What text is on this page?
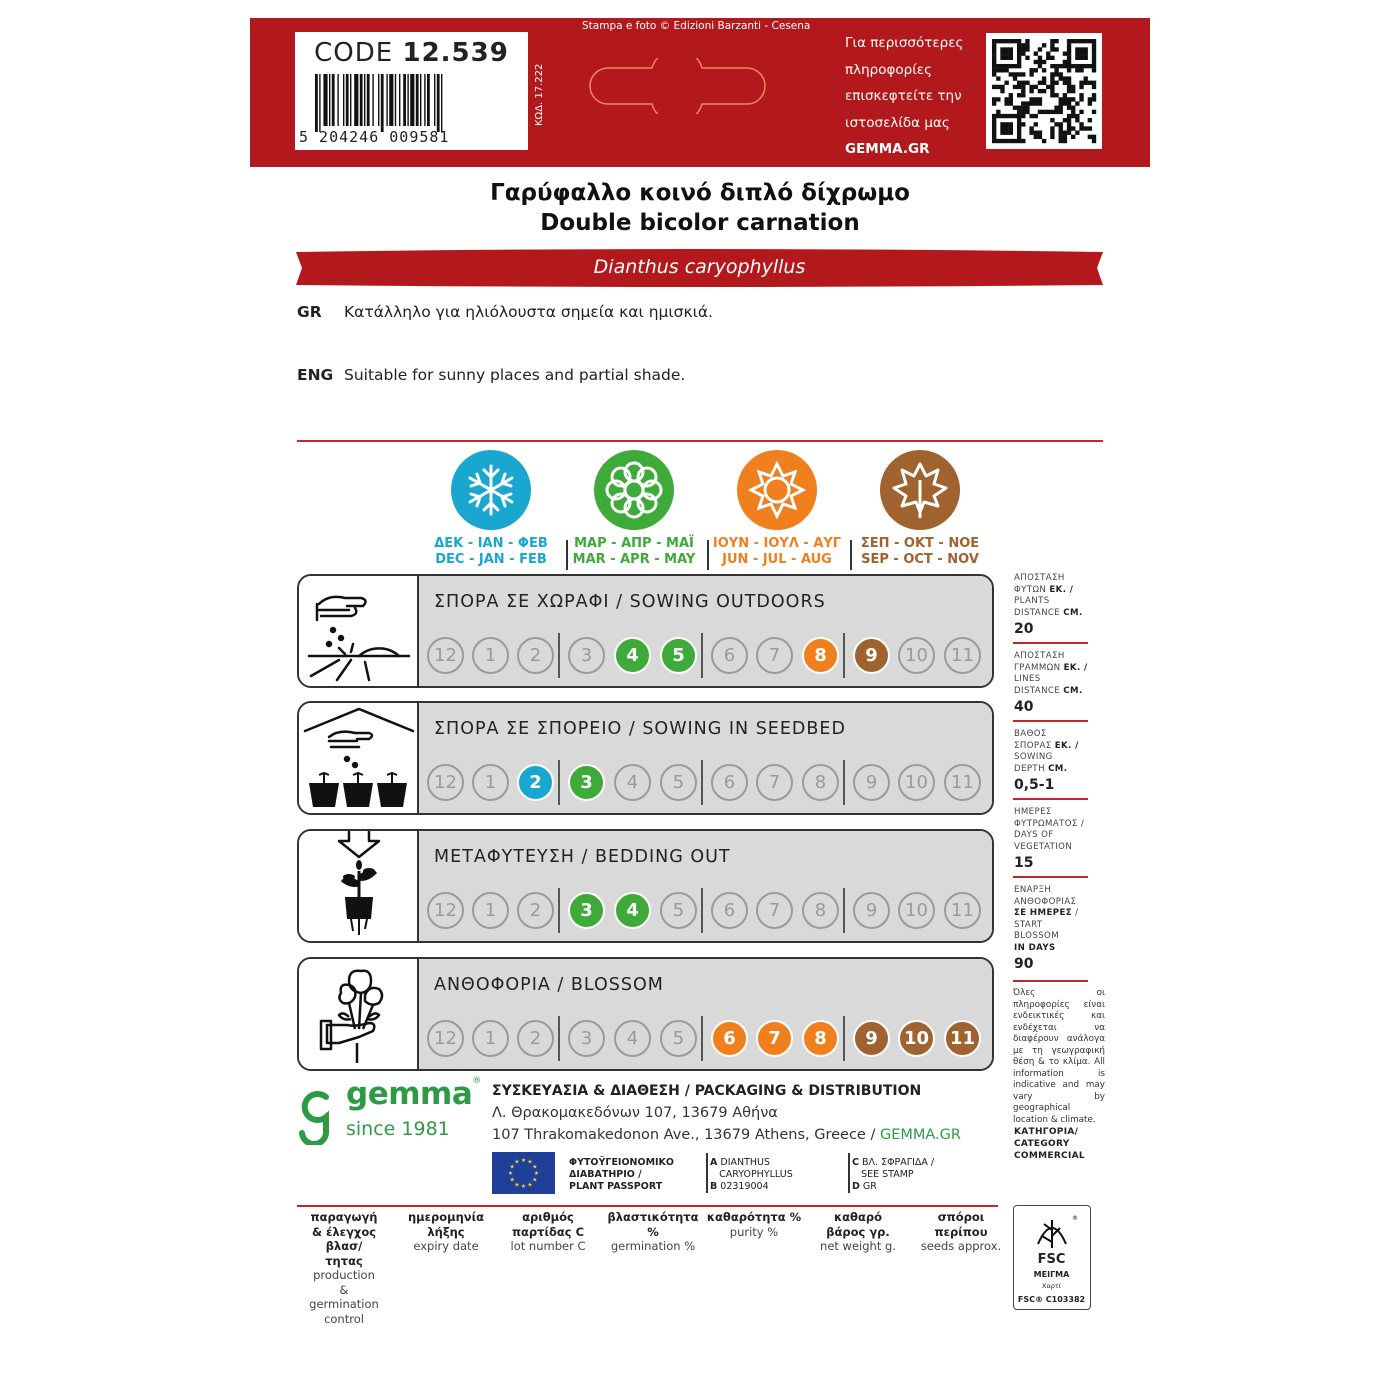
CODE 12.539
5 204246 009581
ΚΩΔ. 17.222
Stampa e foto © Edizioni Barzanti - Cesena
Για περισσότερες
πληροφορίες
επισκεφτείτε την
ιστοσελίδα μας
GEMMA.GR
Γαρύφαλλο κοινό διπλό δίχρωμο
Double bicolor carnation
Dianthus caryophyllus
GR Κατάλληλο για ηλιόλουστα σημεία και ημισκιά.
ENG Suitable for sunny places and partial shade.
ΔΕΚ - ΙΑΝ - ΦΕΒ
DEC - JAN - FEB
ΜΑΡ - ΑΠΡ - ΜΑΪ
MAR - APR - MAY
ΙΟΥΝ - ΙΟΥΛ - ΑΥΓ
JUN - JUL - AUG
ΣΕΠ - ΟΚΤ - ΝΟΕ
SEP - OCT - NOV
ΣΠΟΡΑ ΣΕ ΧΩΡΑΦΙ / SOWING OUTDOORS
12	1	2	3	4	5	6	7	8	9	10	11
ΣΠΟΡΑ ΣΕ ΣΠΟΡΕΙΟ / SOWING IN SEEDBED
12	1	2	3	4	5	6	7	8	9	10	11
ΜΕΤΑΦΥΤΕΥΣΗ / BEDDING OUT
12	1	2	3	4	5	6	7	8	9	10	11
ΑΝΘΟΦΟΡΙΑ / BLOSSOM
12	1	2	3	4	5	6	7	8	9	10	11
ΑΠΟΣΤΑΣΗ
ΦΥΤΩΝ ΕΚ. /
PLANTS
DISTANCE CM.
20
ΑΠΟΣΤΑΣΗ
ΓΡΑΜΜΩΝ ΕΚ. /
LINES
DISTANCE CM.
40
ΒΑΘΟΣ
ΣΠΟΡΑΣ ΕΚ. /
SOWING
DEPTH CM.
0,5-1
ΗΜΕΡΕΣ
ΦΥΤΡΩΜΑΤΟΣ /
DAYS OF
VEGETATION
15
ΕΝΑΡΞΗ
ΑΝΘΟΦΟΡΙΑΣ
ΣΕ ΗΜΕΡΕΣ /
START
BLOSSOM
IN DAYS
90
Όλες οι πληροφορίες είναι ενδεικτικές και ενδέχεται να διαφέρουν ανάλογα με τη γεωγραφική θέση & το κλίμα. All information is indicative and may vary by geographical location & climate.
ΚΑΤΗΓΟΡΙΑ/
CATEGORY
COMMERCIAL
gemma®
since 1981
ΣΥΣΚΕΥΑΣΙΑ & ΔΙΑΘΕΣΗ / PACKAGING & DISTRIBUTION
Λ. Θρακομακεδόνων 107, 13679 Αθήνα
107 Thrakomakedonon Ave., 13679 Athens, Greece / GEMMA.GR
★
★
★
★
★
★
★
★
★ ★ ★
★	ΦΥΤΟΫΓΕΙΟΝΟΜΙΚΟ
ΔΙΑΒΑΤΗΡΙΟ /
PLANT PASSPORT
A DIANTHUS
CARYOPHYLLUS
B 02319004
C ΒΛ. ΣΦΡΑΓΙΔΑ /
SEE STAMP
D GR
παραγωγή
& έλεγχος
βλασ/τητας
production &
germination
control
ημερομηνία
λήξης
expiry date
αριθμός
παρτίδας C
lot number C
βλαστικότητα %
germination %
καθαρότητα %
purity %
καθαρό
βάρος γρ.
net weight g.
σπόροι
περίπου
seeds approx.
®
FSC
ΜΕΙΓΜΑ
Χαρτί
FSC® C103382
